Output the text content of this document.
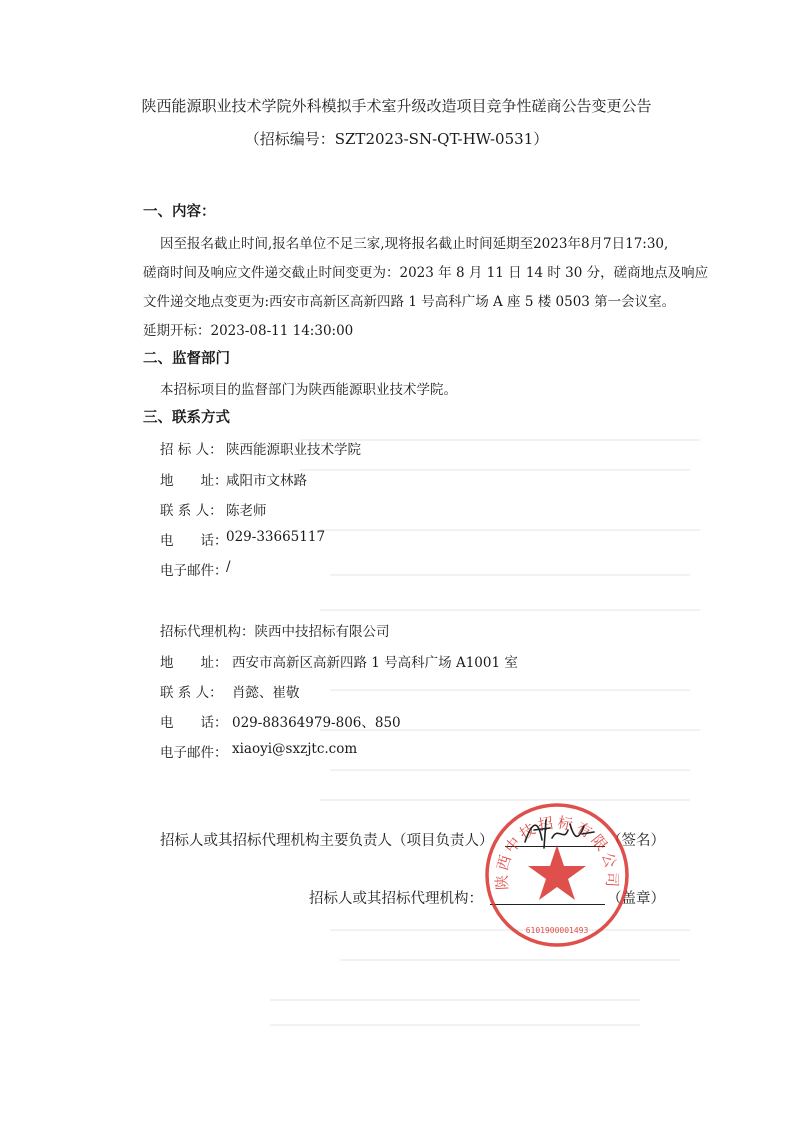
陕西能源职业技术学院外科模拟手术室升级改造项目竞争性磋商公告变更公告
（招标编号：SZT2023-SN-QT-HW-0531）
一、内容：
因至报名截止时间,报名单位不足三家,现将报名截止时间延期至2023年8月7日17:30,
磋商时间及响应文件递交截止时间变更为：2023 年 8 月 11 日 14 时 30 分，磋商地点及响应
文件递交地点变更为:西安市高新区高新四路 1 号高科广场 A 座 5 楼 0503 第一会议室。
延期开标：2023-08-11 14:30:00
二、监督部门
本招标项目的监督部门为陕西能源职业技术学院。
三、联系方式
招 标 人： 陕西能源职业技术学院
地　　址：
咸阳市文林路
联 系 人： 陈老师
电　　话：
029-33665117
电子邮件：
/
招标代理机构：陕西中技招标有限公司
地　　址： 西安市高新区高新四路 1 号高科广场 A1001 室
联 系 人： 肖懿、崔敬
电　　话： 029-88364979-806、850
电子邮件： xiaoyi@sxzjtc.com
招标人或其招标代理机构主要负责人（项目负责人）	（签名）
招标人或其招标代理机构：	（盖章）
陕西中技招标有限公司
6101900001493
